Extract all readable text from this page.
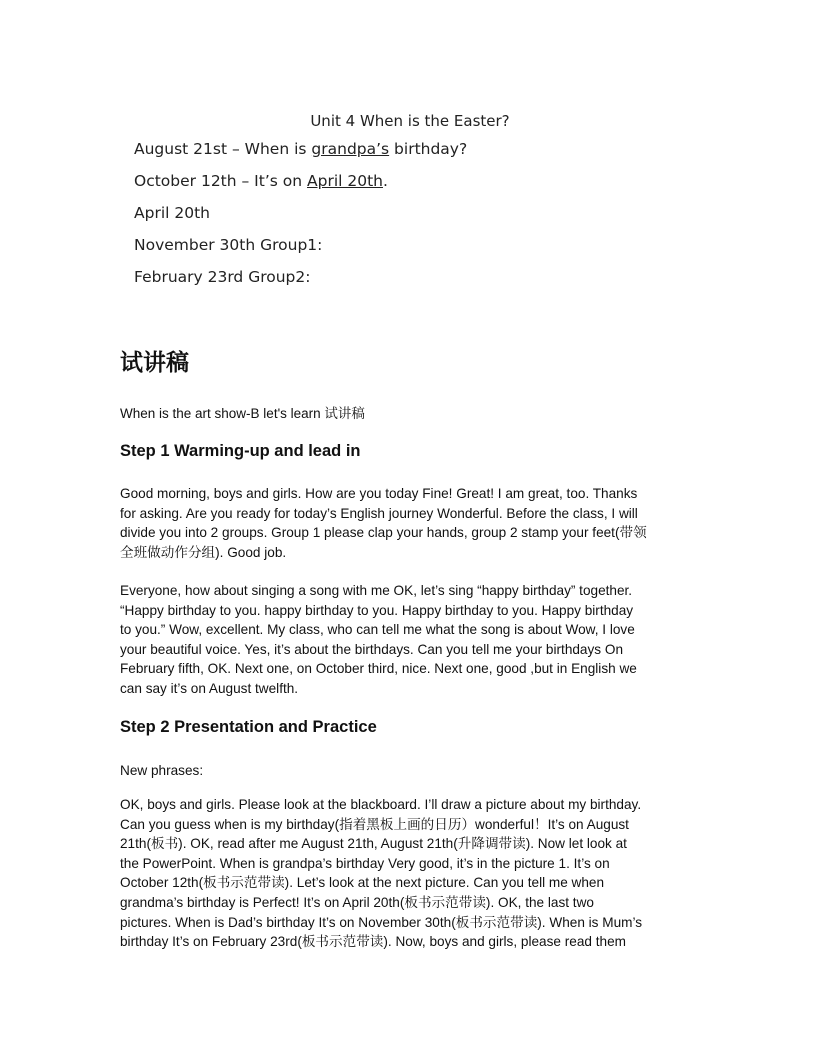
Unit 4 When is the Easter?

August 21st – When is grandpa’s birthday?

October 12th – It’s on April 20th.

April 20th

November 30th Group1:

February 23rd Group2:

试讲稿

When is the art show-B let's learn 试讲稿

Step 1 Warming-up and lead in

Good morning, boys and girls. How are you today Fine! Great! I am great, too. Thanks
for asking. Are you ready for today’s English journey Wonderful. Before the class, I will
divide you into 2 groups. Group 1 please clap your hands, group 2 stamp your feet(带领
全班做动作分组). Good job.

Everyone, how about singing a song with me OK, let’s sing “happy birthday” together.
“Happy birthday to you. happy birthday to you. Happy birthday to you. Happy birthday
to you.” Wow, excellent. My class, who can tell me what the song is about Wow, I love
your beautiful voice. Yes, it’s about the birthdays. Can you tell me your birthdays On
February fifth, OK. Next one, on October third, nice. Next one, good ,but in English we
can say it’s on August twelfth.

Step 2 Presentation and Practice

New phrases:

OK, boys and girls. Please look at the blackboard. I’ll draw a picture about my birthday.
Can you guess when is my birthday(指着黑板上画的日历）wonderful！It’s on August
21th(板书). OK, read after me August 21th, August 21th(升降调带读). Now let look at
the PowerPoint. When is grandpa’s birthday Very good, it’s in the picture 1. It’s on
October 12th(板书示范带读). Let’s look at the next picture. Can you tell me when
grandma’s birthday is Perfect! It’s on April 20th(板书示范带读). OK, the last two
pictures. When is Dad’s birthday It’s on November 30th(板书示范带读). When is Mum’s
birthday It’s on February 23rd(板书示范带读). Now, boys and girls, please read them
